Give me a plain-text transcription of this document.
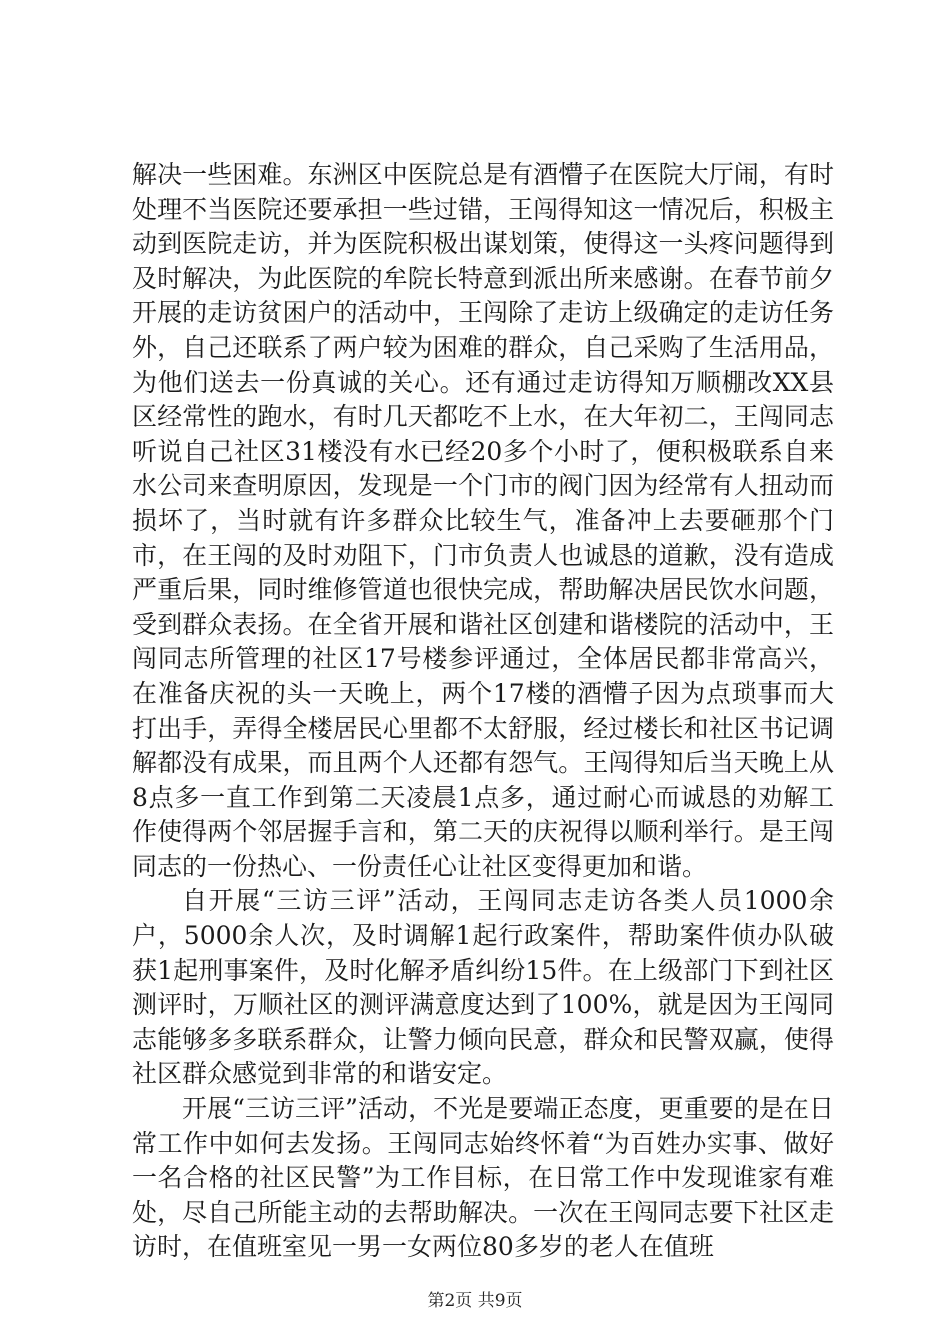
解决一些困难。东洲区中医院总是有酒懵子在医院大厅闹，有时处理不当医院还要承担一些过错，王闯得知这一情况后，积极主动到医院走访，并为医院积极出谋划策，使得这一头疼问题得到及时解决，为此医院的牟院长特意到派出所来感谢。在春节前夕开展的走访贫困户的活动中，王闯除了走访上级确定的走访任务外，自己还联系了两户较为困难的群众，自己采购了生活用品，为他们送去一份真诚的关心。还有通过走访得知万顺棚改XX县区经常性的跑水，有时几天都吃不上水，在大年初二，王闯同志听说自己社区31楼没有水已经20多个小时了，便积极联系自来水公司来查明原因，发现是一个门市的阀门因为经常有人扭动而损坏了，当时就有许多群众比较生气，准备冲上去要砸那个门市，在王闯的及时劝阻下，门市负责人也诚恳的道歉，没有造成严重后果，同时维修管道也很快完成，帮助解决居民饮水问题，受到群众表扬。在全省开展和谐社区创建和谐楼院的活动中，王闯同志所管理的社区17号楼参评通过，全体居民都非常高兴，在准备庆祝的头一天晚上，两个17楼的酒懵子因为点琐事而大打出手，弄得全楼居民心里都不太舒服，经过楼长和社区书记调解都没有成果，而且两个人还都有怨气。王闯得知后当天晚上从8点多一直工作到第二天凌晨1点多，通过耐心而诚恳的劝解工作使得两个邻居握手言和，第二天的庆祝得以顺利举行。是王闯同志的一份热心、一份责任心让社区变得更加和谐。

自开展“三访三评”活动，王闯同志走访各类人员1000余户，5000余人次，及时调解1起行政案件，帮助案件侦办队破获1起刑事案件，及时化解矛盾纠纷15件。在上级部门下到社区测评时，万顺社区的测评满意度达到了100%，就是因为王闯同志能够多多联系群众，让警力倾向民意，群众和民警双赢，使得社区群众感觉到非常的和谐安定。

开展“三访三评”活动，不光是要端正态度，更重要的是在日常工作中如何去发扬。王闯同志始终怀着“为百姓办实事、做好一名合格的社区民警”为工作目标，在日常工作中发现谁家有难处，尽自己所能主动的去帮助解决。一次在王闯同志要下社区走访时，在值班室见一男一女两位80多岁的老人在值班

第2页 共9页
